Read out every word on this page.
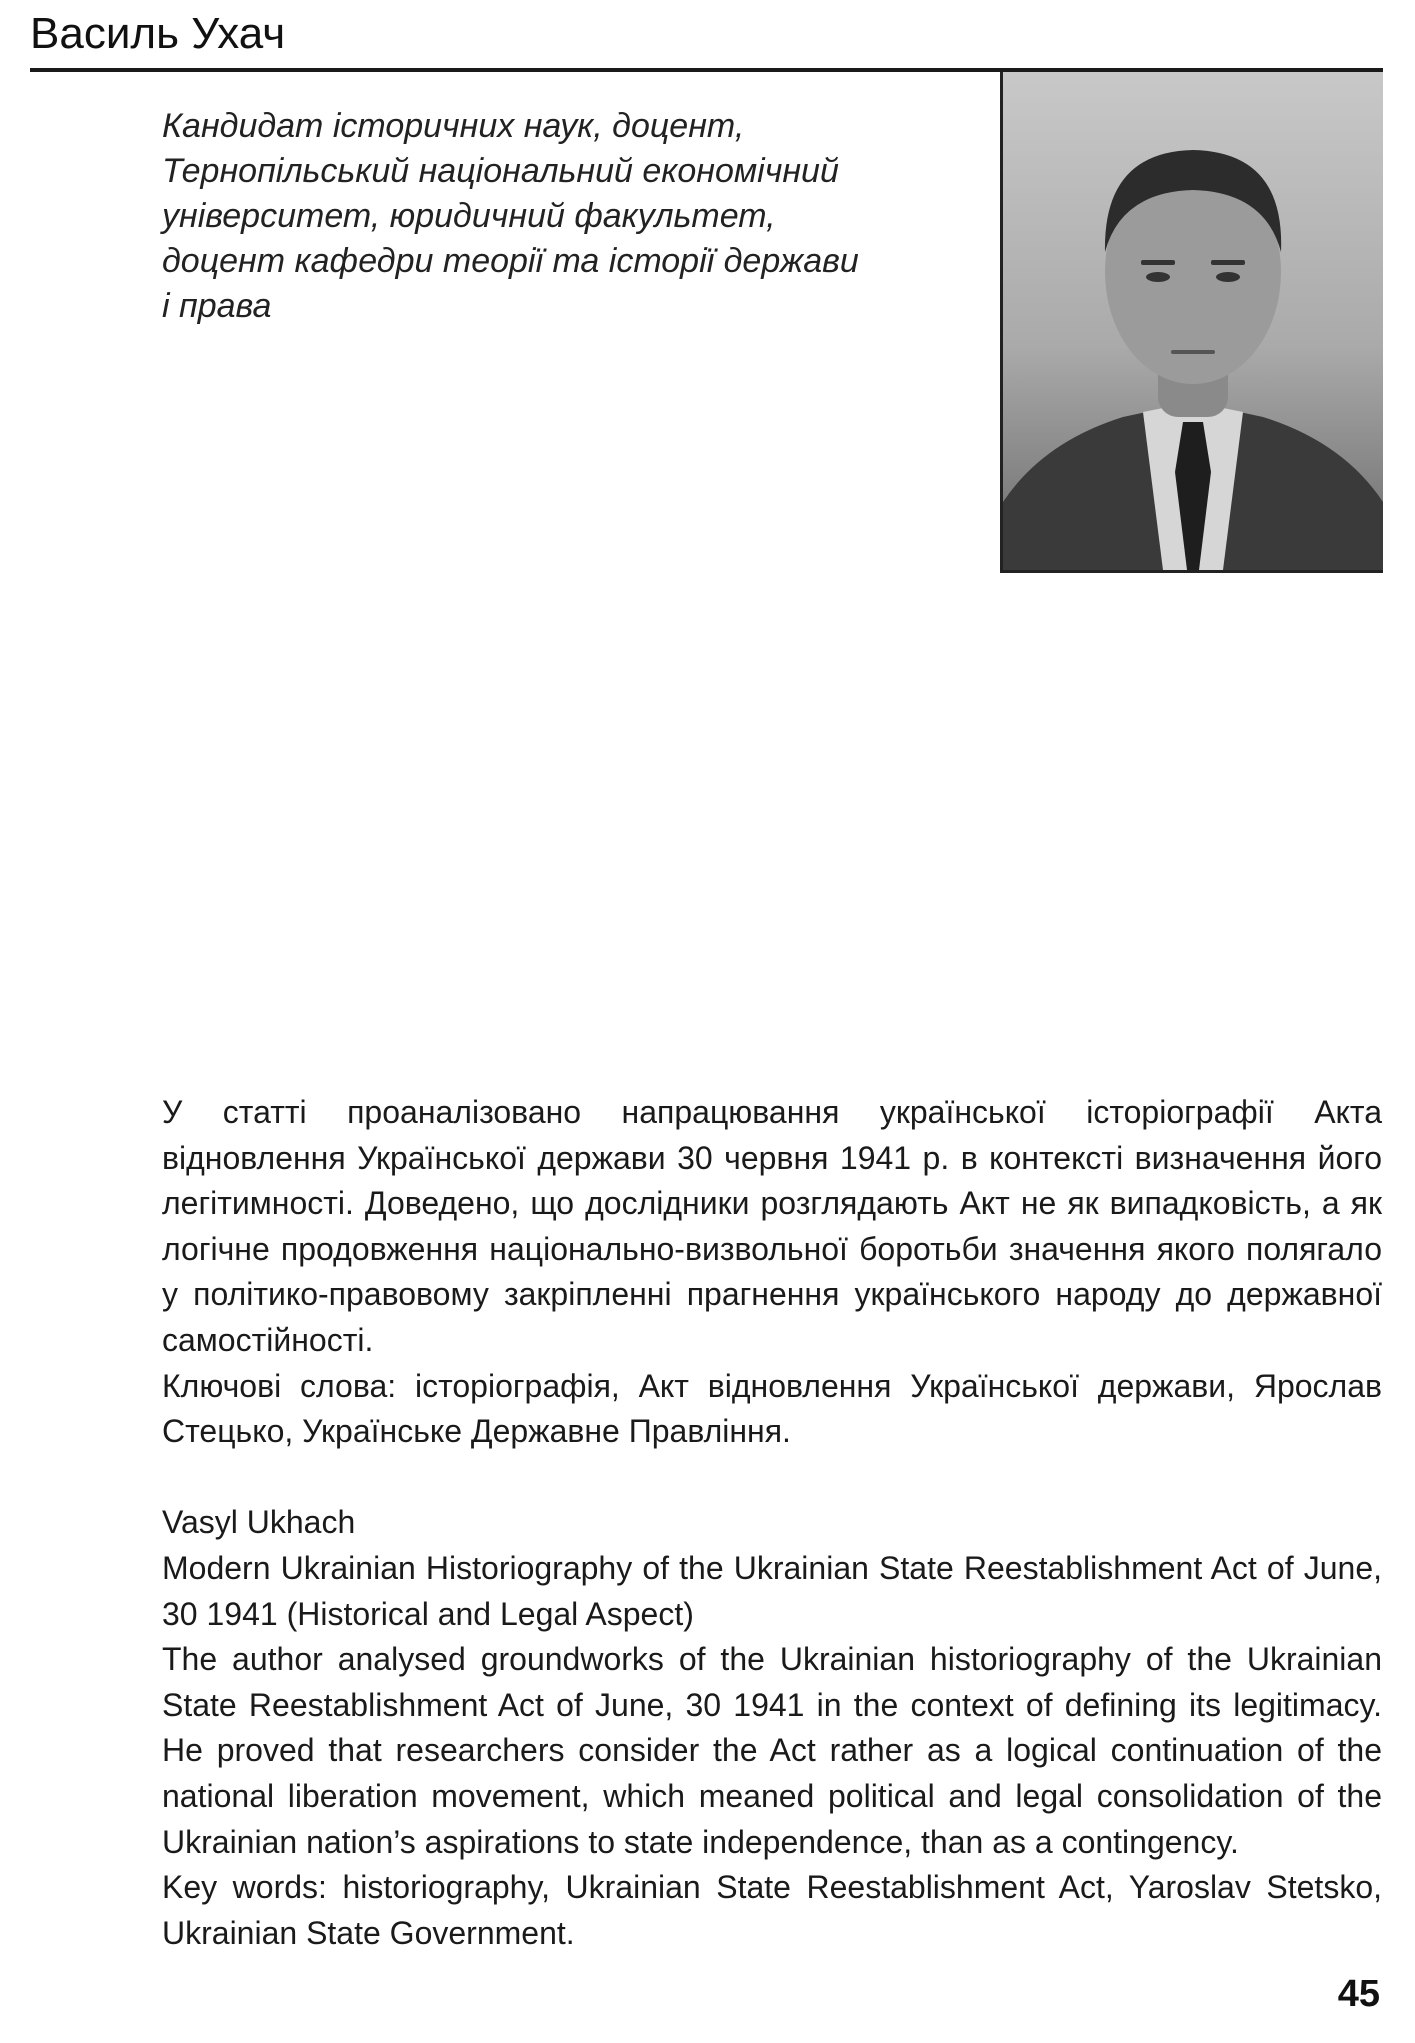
Василь Ухач
Кандидат історичних наук, доцент, Тернопільський національний економічний університет, юридичний факультет, доцент кафедри теорії та історії держави і права

У статті проаналізовано напрацювання української історіографії Акта відновлення Української держави 30 червня 1941 р. в контексті визначення його легітимності. Доведено, що дослідники розглядають Акт не як випадковість, а як логічне продовження національно-визвольної боротьби значення якого полягало у політико-правовому закріпленні прагнення українського народу до державної самостійності.

Ключові слова: історіографія, Акт відновлення Української держави, Ярослав Стецько, Українське Державне Правління.

Vasyl Ukhach

Modern Ukrainian Historiography of the Ukrainian State Reestablishment Act of June, 30 1941 (Historical and Legal Aspect)

The author analysed groundworks of the Ukrainian historiography of the Ukrainian State Reestablishment Act of June, 30 1941 in the context of defining its legitimacy. He proved that researchers consider the Act rather as a logical continuation of the national liberation movement, which meaned political and legal consolidation of the Ukrainian nation’s aspirations to state independence, than as a contingency.

Key words: historiography, Ukrainian State Reestablishment Act, Yaroslav Stetsko, Ukrainian State Government.

45
